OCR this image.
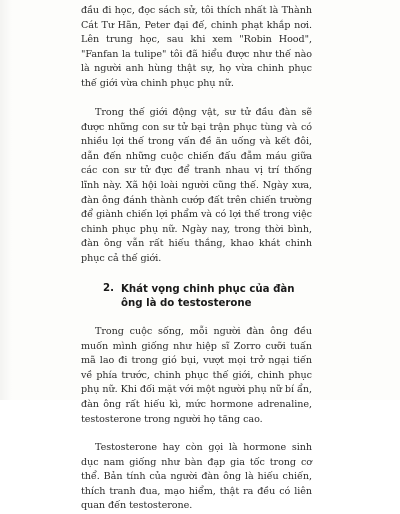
đầu đi học, đọc sách sử, tôi thích nhất là Thành Cát Tư Hãn, Peter đại đế, chinh phạt khắp nơi. Lên trung học, sau khi xem "Robin Hood", "Fanfan la tulipe" tôi đã hiểu được như thế nào là người anh hùng thật sự, họ vừa chinh phục thế giới vừa chinh phục phụ nữ.
Trong thế giới động vật, sư tử đầu đàn sẽ được những con sư tử bại trận phục tùng và có nhiều lợi thế trong vấn đề ăn uống và kết đôi, dẫn đến những cuộc chiến đấu đẫm máu giữa các con sư tử đực để tranh nhau vị trí thống lĩnh này. Xã hội loài người cũng thế. Ngày xưa, đàn ông đánh thành cướp đất trên chiến trường để giành chiến lợi phẩm và có lợi thế trong việc chinh phục phụ nữ. Ngày nay, trong thời bình, đàn ông vẫn rất hiếu thắng, khao khát chinh phục cả thế giới.
2. Khát vọng chinh phục của đàn ông là do testosterone
Trong cuộc sống, mỗi người đàn ông đều muốn mình giống như hiệp sĩ Zorro cưỡi tuấn mã lao đi trong gió bụi, vượt mọi trở ngại tiến về phía trước, chinh phục thế giới, chinh phục phụ nữ. Khi đối mặt với một người phụ nữ bí ẩn, đàn ông rất hiếu kì, mức hormone adrenaline, testosterone trong người họ tăng cao.
Testosterone hay còn gọi là hormone sinh dục nam giống như bàn đạp gia tốc trong cơ thể. Bản tính của người đàn ông là hiếu chiến, thích tranh đua, mạo hiểm, thật ra đều có liên quan đến testosterone.
